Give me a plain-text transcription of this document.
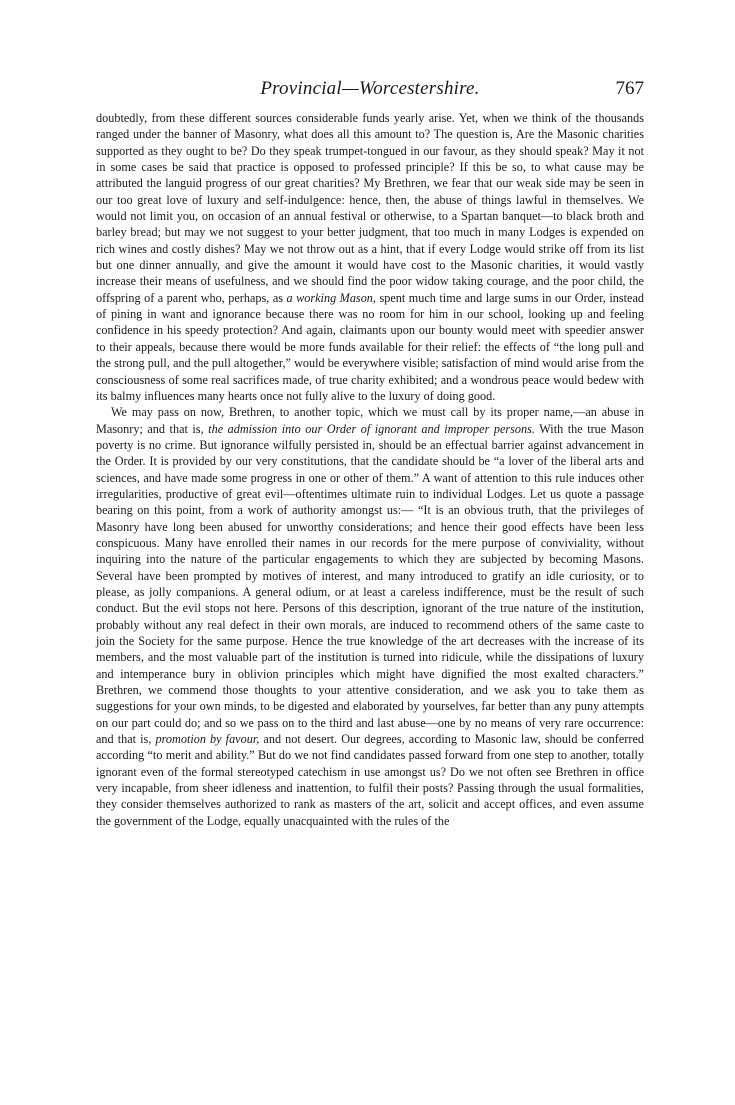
Provincial—Worcestershire.	767

doubtedly, from these different sources considerable funds yearly arise. Yet, when we think of the thousands ranged under the banner of Masonry, what does all this amount to? The question is, Are the Masonic charities supported as they ought to be? Do they speak trumpet-tongued in our favour, as they should speak? May it not in some cases be said that practice is opposed to professed principle? If this be so, to what cause may be attributed the languid progress of our great charities? My Brethren, we fear that our weak side may be seen in our too great love of luxury and self-indulgence: hence, then, the abuse of things lawful in themselves. We would not limit you, on occasion of an annual festival or otherwise, to a Spartan banquet—to black broth and barley bread; but may we not suggest to your better judgment, that too much in many Lodges is expended on rich wines and costly dishes? May we not throw out as a hint, that if every Lodge would strike off from its list but one dinner annually, and give the amount it would have cost to the Masonic charities, it would vastly increase their means of usefulness, and we should find the poor widow taking courage, and the poor child, the offspring of a parent who, perhaps, as a working Mason, spent much time and large sums in our Order, instead of pining in want and ignorance because there was no room for him in our school, looking up and feeling confidence in his speedy protection? And again, claimants upon our bounty would meet with speedier answer to their appeals, because there would be more funds available for their relief: the effects of “the long pull and the strong pull, and the pull altogether,” would be everywhere visible; satisfaction of mind would arise from the consciousness of some real sacrifices made, of true charity exhibited; and a wondrous peace would bedew with its balmy influences many hearts once not fully alive to the luxury of doing good.

We may pass on now, Brethren, to another topic, which we must call by its proper name,—an abuse in Masonry; and that is, the admission into our Order of ignorant and improper persons. With the true Mason poverty is no crime. But ignorance wilfully persisted in, should be an effectual barrier against advancement in the Order. It is provided by our very constitutions, that the candidate should be “a lover of the liberal arts and sciences, and have made some progress in one or other of them.” A want of attention to this rule induces other irregularities, productive of great evil—oftentimes ultimate ruin to individual Lodges. Let us quote a passage bearing on this point, from a work of authority amongst us:— “It is an obvious truth, that the privileges of Masonry have long been abused for unworthy considerations; and hence their good effects have been less conspicuous. Many have enrolled their names in our records for the mere purpose of conviviality, without inquiring into the nature of the particular engagements to which they are subjected by becoming Masons. Several have been prompted by motives of interest, and many introduced to gratify an idle curiosity, or to please, as jolly companions. A general odium, or at least a careless indifference, must be the result of such conduct. But the evil stops not here. Persons of this description, ignorant of the true nature of the institution, probably without any real defect in their own morals, are induced to recommend others of the same caste to join the Society for the same purpose. Hence the true knowledge of the art decreases with the increase of its members, and the most valuable part of the institution is turned into ridicule, while the dissipations of luxury and intemperance bury in oblivion principles which might have dignified the most exalted characters.” Brethren, we commend those thoughts to your attentive consideration, and we ask you to take them as suggestions for your own minds, to be digested and elaborated by yourselves, far better than any puny attempts on our part could do; and so we pass on to the third and last abuse—one by no means of very rare occurrence: and that is, promotion by favour, and not desert. Our degrees, according to Masonic law, should be conferred according “to merit and ability.” But do we not find candidates passed forward from one step to another, totally ignorant even of the formal stereotyped catechism in use amongst us? Do we not often see Brethren in office very incapable, from sheer idleness and inattention, to fulfil their posts? Passing through the usual formalities, they consider themselves authorized to rank as masters of the art, solicit and accept offices, and even assume the government of the Lodge, equally unacquainted with the rules of the
